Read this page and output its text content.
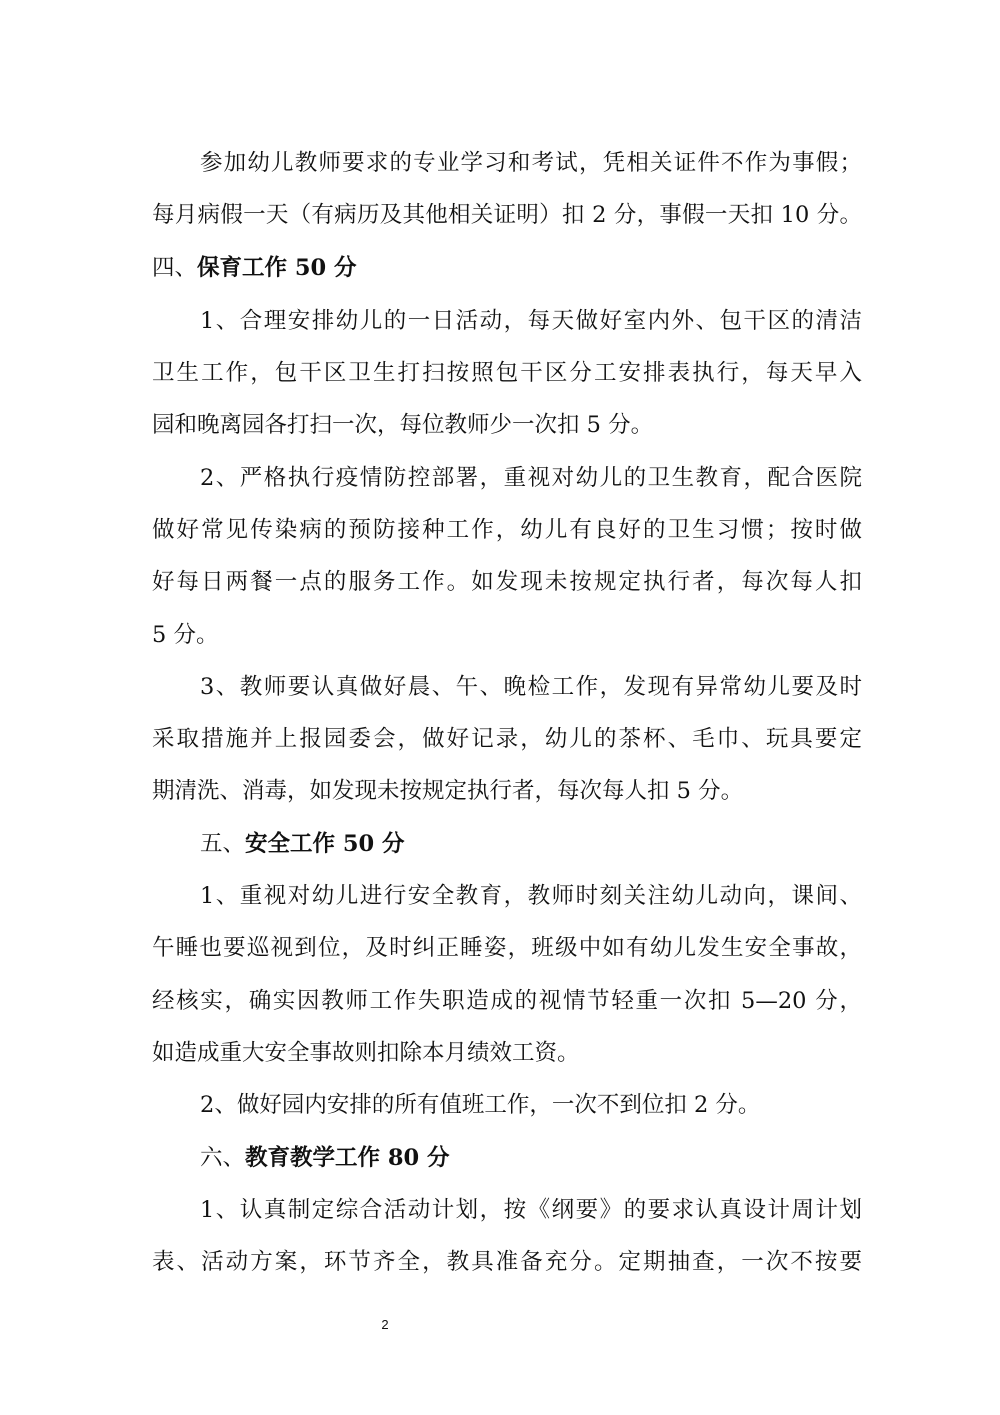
参加幼儿教师要求的专业学习和考试，凭相关证件不作为事假；
每月病假一天（有病历及其他相关证明）扣 2 分，事假一天扣 10 分。
四、保育工作 50 分
1、合理安排幼儿的一日活动，每天做好室内外、包干区的清洁
卫生工作，包干区卫生打扫按照包干区分工安排表执行，每天早入
园和晚离园各打扫一次，每位教师少一次扣 5 分。
2、严格执行疫情防控部署，重视对幼儿的卫生教育，配合医院
做好常见传染病的预防接种工作，幼儿有良好的卫生习惯；按时做
好每日两餐一点的服务工作。如发现未按规定执行者，每次每人扣
5 分。
3、教师要认真做好晨、午、晚检工作，发现有异常幼儿要及时
采取措施并上报园委会，做好记录，幼儿的茶杯、毛巾、玩具要定
期清洗、消毒，如发现未按规定执行者，每次每人扣 5 分。
五、安全工作 50 分
1、重视对幼儿进行安全教育，教师时刻关注幼儿动向，课间、
午睡也要巡视到位，及时纠正睡姿，班级中如有幼儿发生安全事故，
经核实，确实因教师工作失职造成的视情节轻重一次扣 5—20 分，
如造成重大安全事故则扣除本月绩效工资。
2、做好园内安排的所有值班工作，一次不到位扣 2 分。
六、教育教学工作 80 分
1、认真制定综合活动计划，按《纲要》的要求认真设计周计划
表、活动方案，环节齐全，教具准备充分。定期抽查，一次不按要
2
